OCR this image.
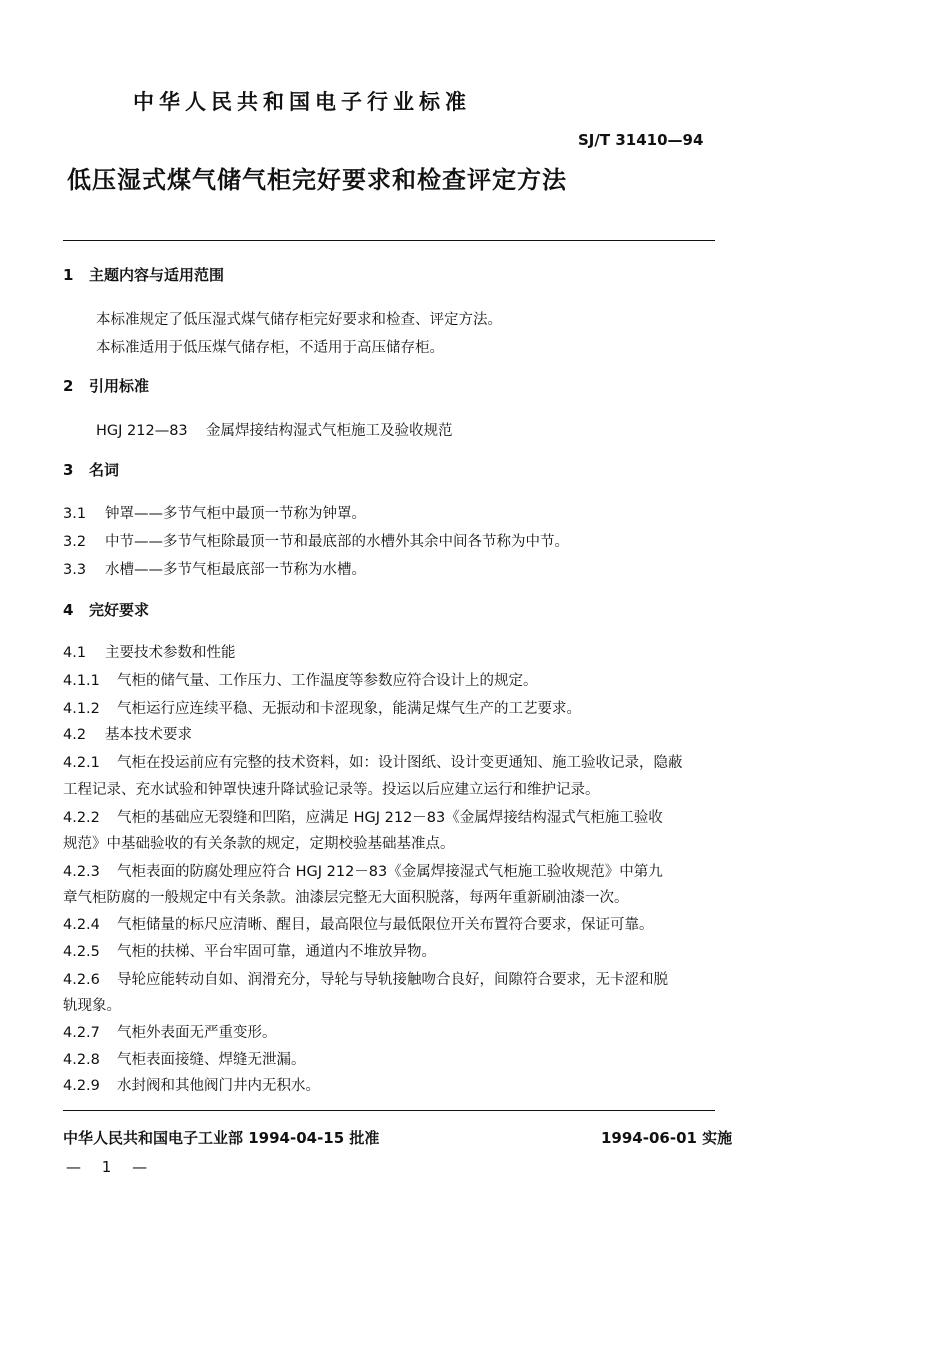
中华人民共和国电子行业标准
SJ/T 31410—94
低压湿式煤气储气柜完好要求和检查评定方法
1 主题内容与适用范围
本标准规定了低压湿式煤气储存柜完好要求和检查、评定方法。
本标准适用于低压煤气储存柜，不适用于高压储存柜。
2 引用标准
HGJ 212—83 金属焊接结构湿式气柜施工及验收规范
3 名词
3.1 钟罩——多节气柜中最顶一节称为钟罩。
3.2 中节——多节气柜除最顶一节和最底部的水槽外其余中间各节称为中节。
3.3 水槽——多节气柜最底部一节称为水槽。
4 完好要求
4.1 主要技术参数和性能
4.1.1 气柜的储气量、工作压力、工作温度等参数应符合设计上的规定。
4.1.2 气柜运行应连续平稳、无振动和卡涩现象，能满足煤气生产的工艺要求。
4.2 基本技术要求
4.2.1 气柜在投运前应有完整的技术资料，如：设计图纸、设计变更通知、施工验收记录，隐蔽
工程记录、充水试验和钟罩快速升降试验记录等。投运以后应建立运行和维护记录。
4.2.2 气柜的基础应无裂缝和凹陷，应满足 HGJ 212－83《金属焊接结构湿式气柜施工验收
规范》中基础验收的有关条款的规定，定期校验基础基准点。
4.2.3 气柜表面的防腐处理应符合 HGJ 212－83《金属焊接湿式气柜施工验收规范》中第九
章气柜防腐的一般规定中有关条款。油漆层完整无大面积脱落，每两年重新刷油漆一次。
4.2.4 气柜储量的标尺应清晰、醒目，最高限位与最低限位开关布置符合要求，保证可靠。
4.2.5 气柜的扶梯、平台牢固可靠，通道内不堆放异物。
4.2.6 导轮应能转动自如、润滑充分，导轮与导轨接触吻合良好，间隙符合要求，无卡涩和脱
轨现象。
4.2.7 气柜外表面无严重变形。
4.2.8 气柜表面接缝、焊缝无泄漏。
4.2.9 水封阀和其他阀门井内无积水。
中华人民共和国电子工业部 1994-04-15 批准	1994-06-01 实施
— 1 —
